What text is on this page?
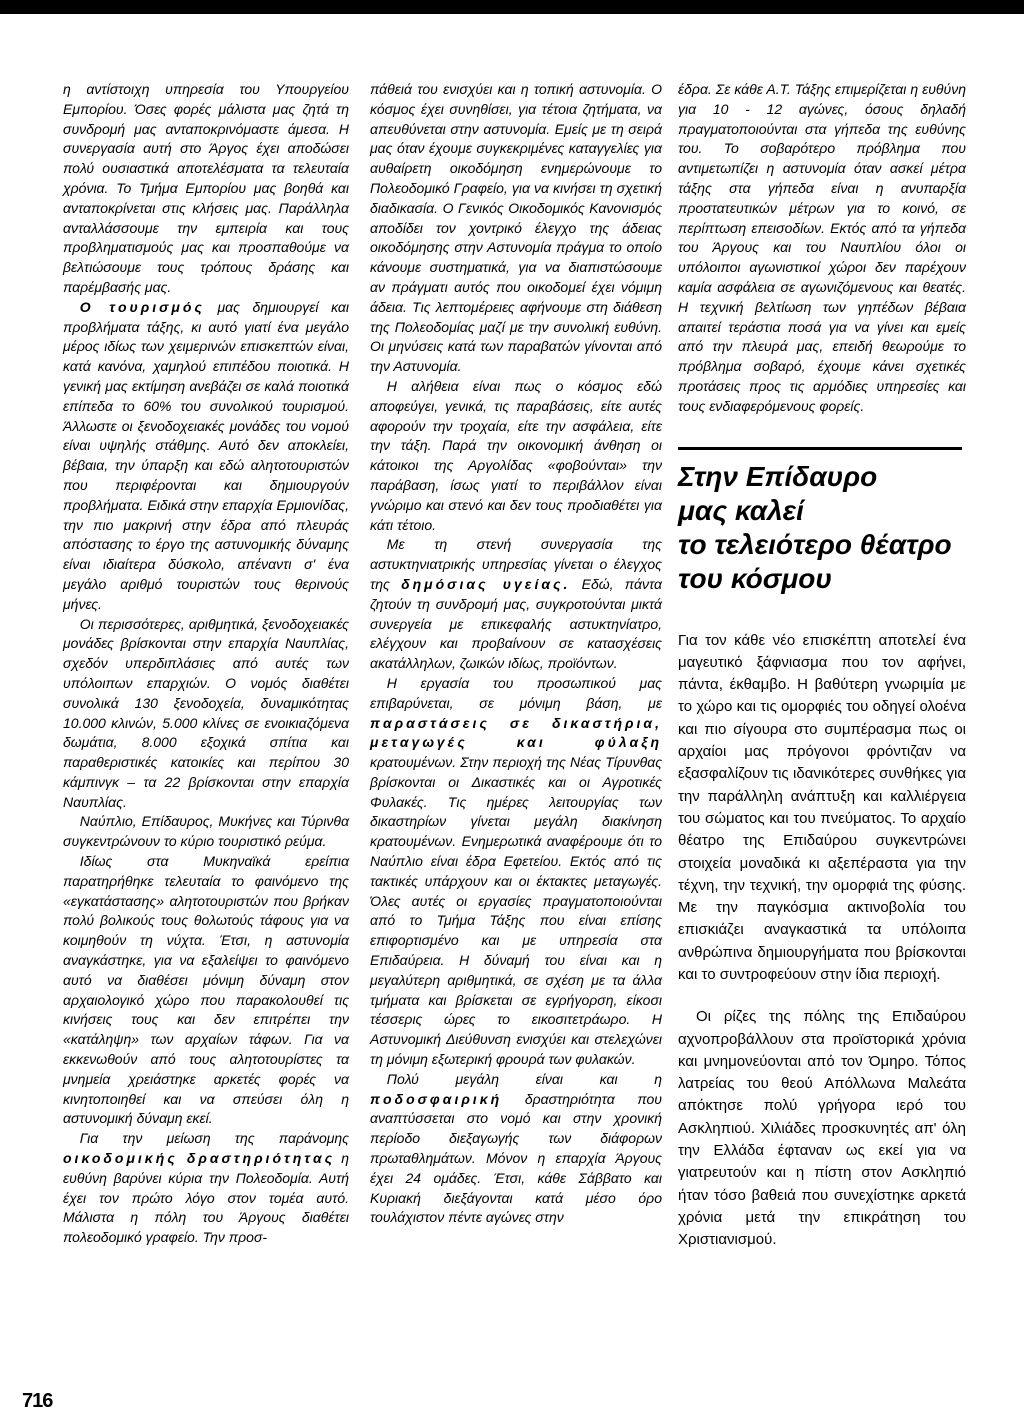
η αντίστοιχη υπηρεσία του Υπουργείου Εμπορίου. Όσες φορές μάλιστα μας ζητά τη συνδρομή μας ανταποκρινόμαστε άμεσα. Η συνεργασία αυτή στο Άργος έχει αποδώσει πολύ ουσιαστικά αποτελέσματα τα τελευταία χρόνια. Το Τμήμα Εμπορίου μας βοηθά και ανταποκρίνεται στις κλήσεις μας. Παράλληλα ανταλλάσσουμε την εμπειρία και τους προβληματισμούς μας και προσπαθούμε να βελτιώσουμε τους τρόπους δράσης και παρέμβασής μας.

Ο τουρισμός μας δημιουργεί και προβλήματα τάξης, κι αυτό γιατί ένα μεγάλο μέρος ιδίως των χειμερινών επισκεπτών είναι, κατά κανόνα, χαμηλού επιπέδου ποιοτικά. Η γενική μας εκτίμηση ανεβάζει σε καλά ποιοτικά επίπεδα το 60% του συνολικού τουρισμού. Άλλωστε οι ξενοδοχειακές μονάδες του νομού είναι υψηλής στάθμης. Αυτό δεν αποκλείει, βέβαια, την ύπαρξη και εδώ αλητοτουριστών που περιφέρονται και δημιουργούν προβλήματα. Ειδικά στην επαρχία Ερμιονίδας, την πιο μακρινή στην έδρα από πλευράς απόστασης το έργο της αστυνομικής δύναμης είναι ιδιαίτερα δύσκολο, απέναντι σ' ένα μεγάλο αριθμό τουριστών τους θερινούς μήνες.

Οι περισσότερες, αριθμητικά, ξενοδοχειακές μονάδες βρίσκονται στην επαρχία Ναυπλίας, σχεδόν υπερδιπλάσιες από αυτές των υπόλοιπων επαρχιών. Ο νομός διαθέτει συνολικά 130 ξενοδοχεία, δυναμικότητας 10.000 κλινών, 5.000 κλίνες σε ενοικιαζόμενα δωμάτια, 8.000 εξοχικά σπίτια και παραθεριστικές κατοικίες και περίπου 30 κάμπινγκ – τα 22 βρίσκονται στην επαρχία Ναυπλίας.

Ναύπλιο, Επίδαυρος, Μυκήνες και Τύρινθα συγκεντρώνουν το κύριο τουριστικό ρεύμα.

Ιδίως στα Μυκηναϊκά ερείπια παρατηρήθηκε τελευταία το φαινόμενο της «εγκατάστασης» αλητοτουριστών που βρήκαν πολύ βολικούς τους θολωτούς τάφους για να κοιμηθούν τη νύχτα. Έτσι, η αστυνομία αναγκάστηκε, για να εξαλείψει το φαινόμενο αυτό να διαθέσει μόνιμη δύναμη στον αρχαιολογικό χώρο που παρακολουθεί τις κινήσεις τους και δεν επιτρέπει την «κατάληψη» των αρχαίων τάφων. Για να εκκενωθούν από τους αλητοτουρίστες τα μνημεία χρειάστηκε αρκετές φορές να κινητοποιηθεί και να σπεύσει όλη η αστυνομική δύναμη εκεί.

Για την μείωση της παράνομης οικοδομικής δραστηριότητας η ευθύνη βαρύνει κύρια την Πολεοδομία. Αυτή έχει τον πρώτο λόγο στον τομέα αυτό. Μάλιστα η πόλη του Άργους διαθέτει πολεοδομικό γραφείο. Την προσ-

πάθειά του ενισχύει και η τοπική αστυνομία. Ο κόσμος έχει συνηθίσει, για τέτοια ζητήματα, να απευθύνεται στην αστυνομία. Εμείς με τη σειρά μας όταν έχουμε συγκεκριμένες καταγγελίες για αυθαίρετη οικοδόμηση ενημερώνουμε το Πολεοδομικό Γραφείο, για να κινήσει τη σχετική διαδικασία. Ο Γενικός Οικοδομικός Κανονισμός αποδίδει τον χοντρικό έλεγχο της άδειας οικοδόμησης στην Αστυνομία πράγμα το οποίο κάνουμε συστηματικά, για να διαπιστώσουμε αν πράγματι αυτός που οικοδομεί έχει νόμιμη άδεια. Τις λεπτομέρειες αφήνουμε στη διάθεση της Πολεοδομίας μαζί με την συνολική ευθύνη. Οι μηνύσεις κατά των παραβατών γίνονται από την Αστυνομία.

Η αλήθεια είναι πως ο κόσμος εδώ αποφεύγει, γενικά, τις παραβάσεις, είτε αυτές αφορούν την τροχαία, είτε την ασφάλεια, είτε την τάξη. Παρά την οικονομική άνθηση οι κάτοικοι της Αργολίδας «φοβούνται» την παράβαση, ίσως γιατί το περιβάλλον είναι γνώριμο και στενό και δεν τους προδιαθέτει για κάτι τέτοιο.

Με τη στενή συνεργασία της αστυκτηνιατρικής υπηρεσίας γίνεται ο έλεγχος της δημόσιας υγείας. Εδώ, πάντα ζητούν τη συνδρομή μας, συγκροτούνται μικτά συνεργεία με επικεφαλής αστυκτηνίατρο, ελέγχουν και προβαίνουν σε κατασχέσεις ακατάλληλων, ζωικών ιδίως, προϊόντων.

Η εργασία του προσωπικού μας επιβαρύνεται, σε μόνιμη βάση, με παραστάσεις σε δικαστήρια, μεταγωγές και φύλαξη κρατουμένων. Στην περιοχή της Νέας Τίρυνθας βρίσκονται οι Δικαστικές και οι Αγροτικές Φυλακές. Τις ημέρες λειτουργίας των δικαστηρίων γίνεται μεγάλη διακίνηση κρατουμένων. Ενημερωτικά αναφέρουμε ότι το Ναύπλιο είναι έδρα Εφετείου. Εκτός από τις τακτικές υπάρχουν και οι έκτακτες μεταγωγές. Όλες αυτές οι εργασίες πραγματοποιούνται από το Τμήμα Τάξης που είναι επίσης επιφορτισμένο και με υπηρεσία στα Επιδαύρεια. Η δύναμή του είναι και η μεγαλύτερη αριθμητικά, σε σχέση με τα άλλα τμήματα και βρίσκεται σε εγρήγορση, είκοσι τέσσερις ώρες το εικοσιτετράωρο. Η Αστυνομική Διεύθυνση ενισχύει και στελεχώνει τη μόνιμη εξωτερική φρουρά των φυλακών.

Πολύ μεγάλη είναι και η ποδοσφαιρική δραστηριότητα που αναπτύσσεται στο νομό και στην χρονική περίοδο διεξαγωγής των διάφορων πρωταθλημάτων. Μόνον η επαρχία Άργους έχει 24 ομάδες. Έτσι, κάθε Σάββατο και Κυριακή διεξάγονται κατά μέσο όρο τουλάχιστον πέντε αγώνες στην

έδρα. Σε κάθε Α.Τ. Τάξης επιμερίζεται η ευθύνη για 10 - 12 αγώνες, όσους δηλαδή πραγματοποιούνται στα γήπεδα της ευθύνης του. Το σοβαρότερο πρόβλημα που αντιμετωπίζει η αστυνομία όταν ασκεί μέτρα τάξης στα γήπεδα είναι η ανυπαρξία προστατευτικών μέτρων για το κοινό, σε περίπτωση επεισοδίων. Εκτός από τα γήπεδα του Άργους και του Ναυπλίου όλοι οι υπόλοιποι αγωνιστικοί χώροι δεν παρέχουν καμία ασφάλεια σε αγωνιζόμενους και θεατές. Η τεχνική βελτίωση των γηπέδων βέβαια απαιτεί τεράστια ποσά για να γίνει και εμείς από την πλευρά μας, επειδή θεωρούμε το πρόβλημα σοβαρό, έχουμε κάνει σχετικές προτάσεις προς τις αρμόδιες υπηρεσίες και τους ενδιαφερόμενους φορείς.

Στην Επίδαυρο
μας καλεί
το τελειότερο θέατρο
του κόσμου

Για τον κάθε νέο επισκέπτη αποτελεί ένα μαγευτικό ξάφνιασμα που τον αφήνει, πάντα, έκθαμβο. Η βαθύτερη γνωριμία με το χώρο και τις ομορφιές του οδηγεί ολοένα και πιο σίγουρα στο συμπέρασμα πως οι αρχαίοι μας πρόγονοι φρόντιζαν να εξασφαλίζουν τις ιδανικότερες συνθήκες για την παράλληλη ανάπτυξη και καλλιέργεια του σώματος και του πνεύματος. Το αρχαίο θέατρο της Επιδαύρου συγκεντρώνει στοιχεία μοναδικά κι αξεπέραστα για την τέχνη, την τεχνική, την ομορφιά της φύσης. Με την παγκόσμια ακτινοβολία του επισκιάζει αναγκαστικά τα υπόλοιπα ανθρώπινα δημιουργήματα που βρίσκονται και το συντροφεύουν στην ίδια περιοχή.

Οι ρίζες της πόλης της Επιδαύρου αχνοπροβάλλουν στα προϊστορικά χρόνια και μνημονεύονται από τον Όμηρο. Τόπος λατρείας του θεού Απόλλωνα Μαλεάτα απόκτησε πολύ γρήγορα ιερό του Ασκληπιού. Χιλιάδες προσκυνητές απ' όλη την Ελλάδα έφταναν ως εκεί για να γιατρευτούν και η πίστη στον Ασκληπιό ήταν τόσο βαθειά που συνεχίστηκε αρκετά χρόνια μετά την επικράτηση του Χριστιανισμού.

716
